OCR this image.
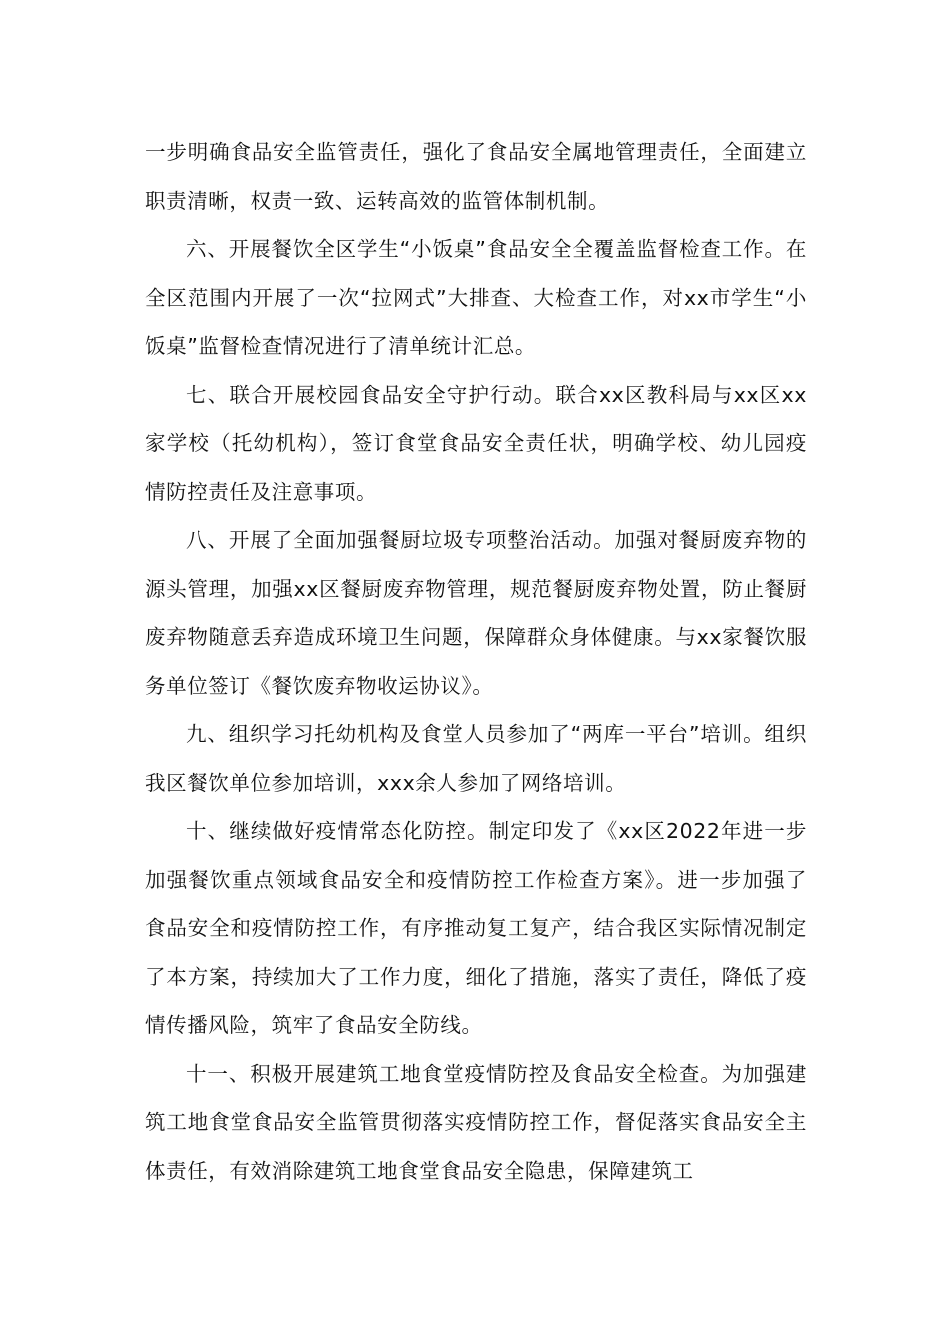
一步明确食品安全监管责任，强化了食品安全属地管理责任，全面建立职责清晰，权责一致、运转高效的监管体制机制。

六、开展餐饮全区学生“小饭桌”食品安全全覆盖监督检查工作。在全区范围内开展了一次“拉网式”大排查、大检查工作，对xx市学生“小饭桌”监督检查情况进行了清单统计汇总。

七、联合开展校园食品安全守护行动。联合xx区教科局与xx区xx家学校（托幼机构），签订食堂食品安全责任状，明确学校、幼儿园疫情防控责任及注意事项。

八、开展了全面加强餐厨垃圾专项整治活动。加强对餐厨废弃物的源头管理，加强xx区餐厨废弃物管理，规范餐厨废弃物处置，防止餐厨废弃物随意丢弃造成环境卫生问题，保障群众身体健康。与xx家餐饮服务单位签订《餐饮废弃物收运协议》。

九、组织学习托幼机构及食堂人员参加了“两库一平台”培训。组织我区餐饮单位参加培训，xxx余人参加了网络培训。

十、继续做好疫情常态化防控。制定印发了《xx区2022年进一步加强餐饮重点领域食品安全和疫情防控工作检查方案》。进一步加强了食品安全和疫情防控工作，有序推动复工复产，结合我区实际情况制定了本方案，持续加大了工作力度，细化了措施，落实了责任，降低了疫情传播风险，筑牢了食品安全防线。

十一、积极开展建筑工地食堂疫情防控及食品安全检查。为加强建筑工地食堂食品安全监管贯彻落实疫情防控工作，督促落实食品安全主体责任，有效消除建筑工地食堂食品安全隐患，保障建筑工
